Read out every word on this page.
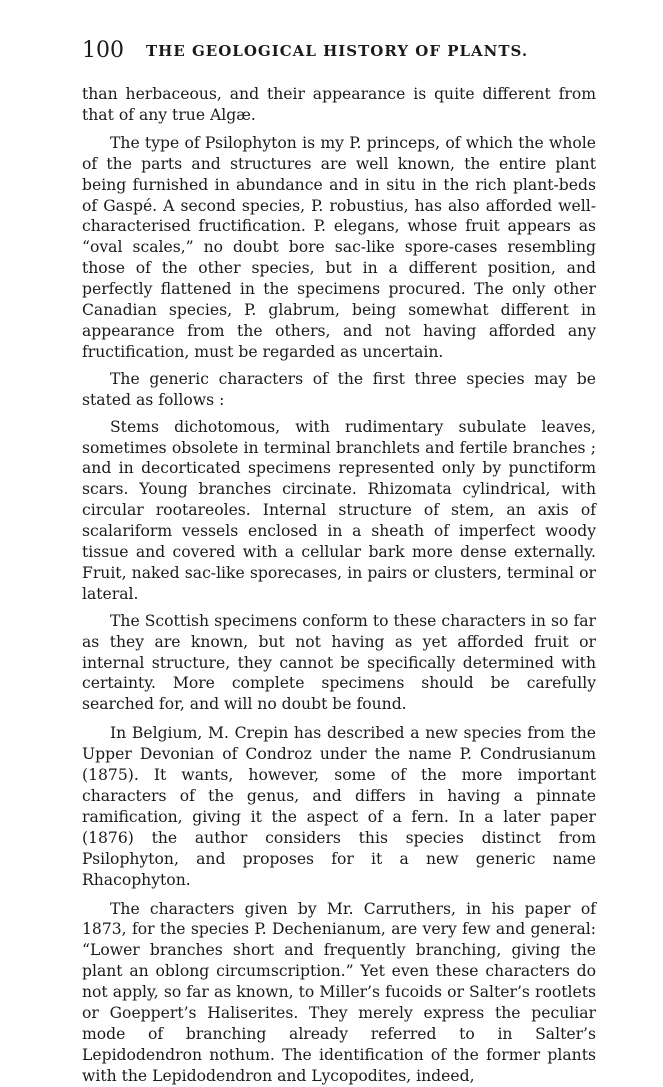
100 THE GEOLOGICAL HISTORY OF PLANTS.

than herbaceous, and their appearance is quite different from that of any true Algæ.

The type of Psilophyton is my P. princeps, of which the whole of the parts and structures are well known, the entire plant being furnished in abundance and in situ in the rich plant-beds of Gaspé. A second species, P. robustius, has also afforded well-characterised fructification. P. elegans, whose fruit appears as “oval scales,” no doubt bore sac-like spore-cases resembling those of the other species, but in a different position, and perfectly flattened in the specimens procured. The only other Canadian species, P. glabrum, being somewhat different in appearance from the others, and not having afforded any fructification, must be regarded as uncertain.

The generic characters of the first three species may be stated as follows :

Stems dichotomous, with rudimentary subulate leaves, sometimes obsolete in terminal branchlets and fertile branches ; and in decorticated specimens represented only by punctiform scars. Young branches circinate. Rhizomata cylindrical, with circular rootareoles. Internal structure of stem, an axis of scalariform vessels enclosed in a sheath of imperfect woody tissue and covered with a cellular bark more dense externally. Fruit, naked sac-like sporecases, in pairs or clusters, terminal or lateral.

The Scottish specimens conform to these characters in so far as they are known, but not having as yet afforded fruit or internal structure, they cannot be specifically determined with certainty. More complete specimens should be carefully searched for, and will no doubt be found.

In Belgium, M. Crepin has described a new species from the Upper Devonian of Condroz under the name P. Condrusianum (1875). It wants, however, some of the more important characters of the genus, and differs in having a pinnate ramification, giving it the aspect of a fern. In a later paper (1876) the author considers this species distinct from Psilophyton, and proposes for it a new generic name Rhacophyton.

The characters given by Mr. Carruthers, in his paper of 1873, for the species P. Dechenianum, are very few and general: “Lower branches short and frequently branching, giving the plant an oblong circumscription.” Yet even these characters do not apply, so far as known, to Miller’s fucoids or Salter’s rootlets or Goeppert’s Haliserites. They merely express the peculiar mode of branching already referred to in Salter’s Lepidodendron nothum. The identification of the former plants with the Lepidodendron and Lycopodites, indeed,
